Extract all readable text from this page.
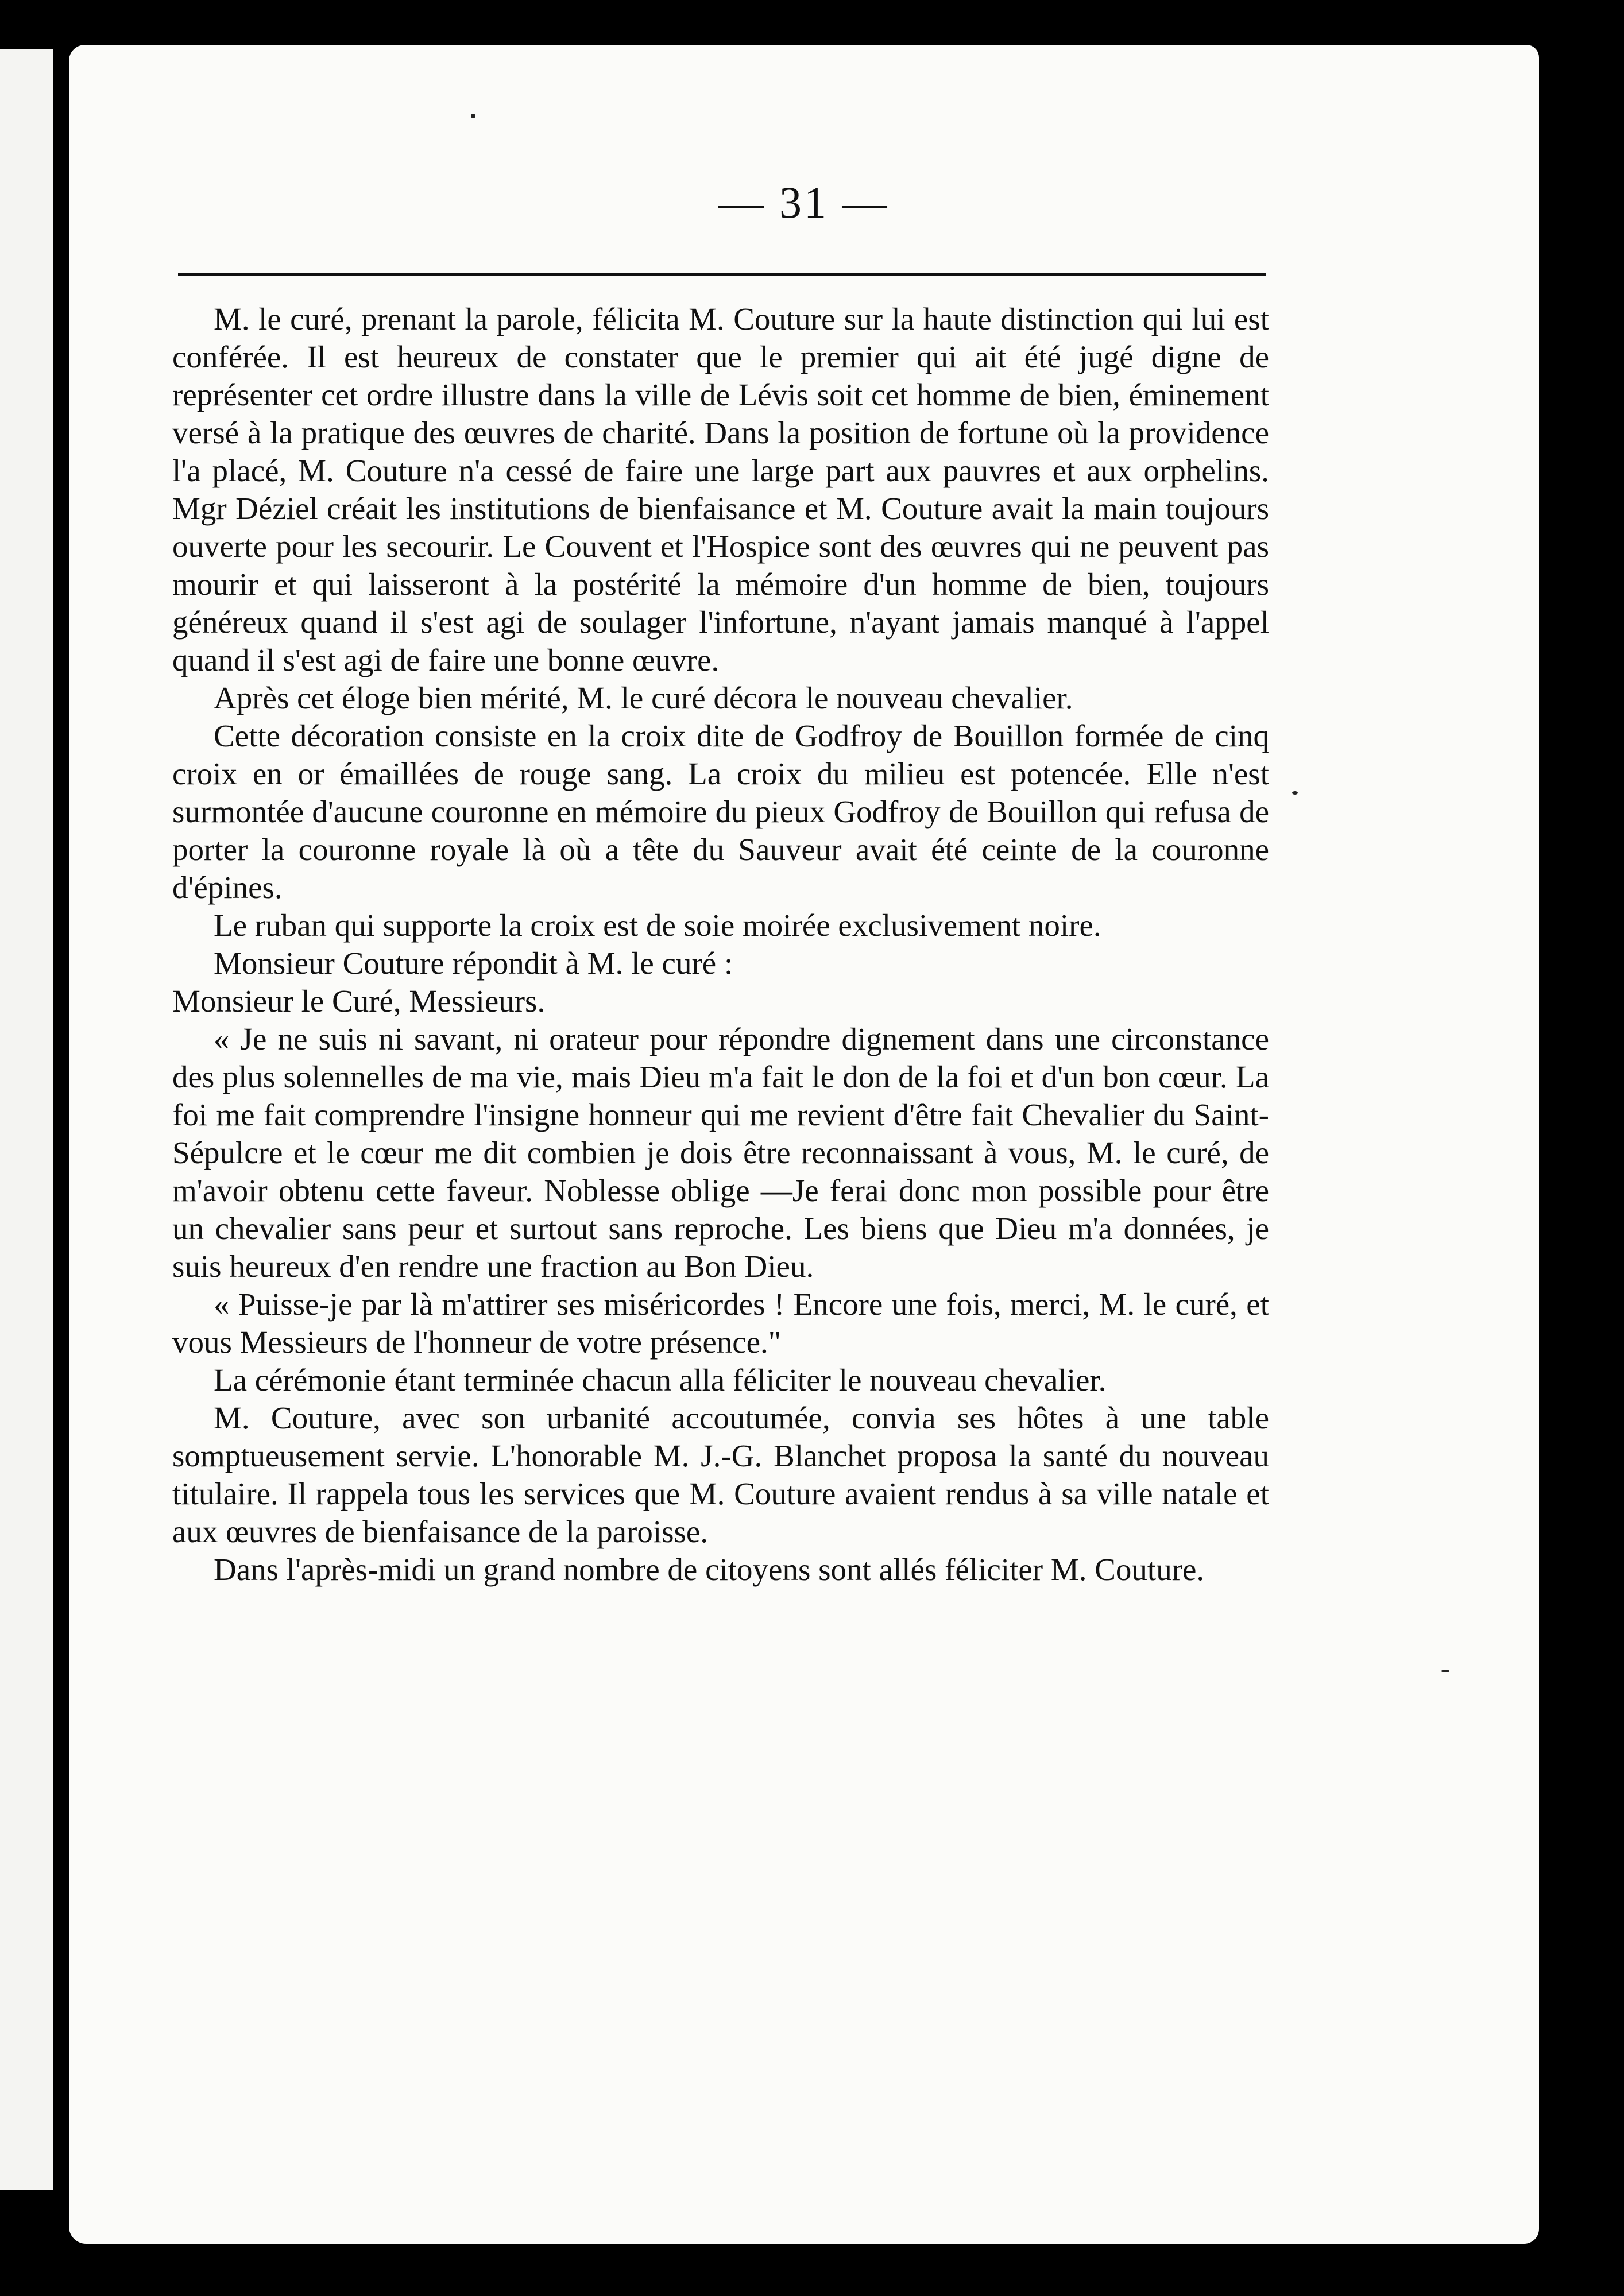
— 31 —

M. le curé, prenant la parole, félicita M. Couture sur la haute distinction qui lui est conférée. Il est heureux de constater que le premier qui ait été jugé digne de représenter cet ordre illustre dans la ville de Lévis soit cet homme de bien, éminement versé à la pratique des œuvres de charité. Dans la position de fortune où la providence l'a placé, M. Couture n'a cessé de faire une large part aux pauvres et aux orphelins. Mgr Déziel créait les institutions de bienfaisance et M. Couture avait la main toujours ouverte pour les secourir. Le Couvent et l'Hospice sont des œuvres qui ne peuvent pas mourir et qui laisseront à la postérité la mémoire d'un homme de bien, toujours généreux quand il s'est agi de soulager l'infortune, n'ayant jamais manqué à l'appel quand il s'est agi de faire une bonne œuvre.

Après cet éloge bien mérité, M. le curé décora le nouveau chevalier.

Cette décoration consiste en la croix dite de Godfroy de Bouillon formée de cinq croix en or émaillées de rouge sang. La croix du milieu est potencée. Elle n'est surmontée d'aucune couronne en mémoire du pieux Godfroy de Bouillon qui refusa de porter la couronne royale là où a tête du Sauveur avait été ceinte de la couronne d'épines.

Le ruban qui supporte la croix est de soie moirée exclusivement noire.

Monsieur Couture répondit à M. le curé :

Monsieur le Curé, Messieurs.

« Je ne suis ni savant, ni orateur pour répondre dignement dans une circonstance des plus solennelles de ma vie, mais Dieu m'a fait le don de la foi et d'un bon cœur. La foi me fait comprendre l'insigne honneur qui me revient d'être fait Chevalier du Saint-Sépulcre et le cœur me dit combien je dois être reconnaissant à vous, M. le curé, de m'avoir obtenu cette faveur. Noblesse oblige —Je ferai donc mon possible pour être un chevalier sans peur et surtout sans reproche. Les biens que Dieu m'a données, je suis heureux d'en rendre une fraction au Bon Dieu.

« Puisse-je par là m'attirer ses miséricordes ! Encore une fois, merci, M. le curé, et vous Messieurs de l'honneur de votre présence."

La cérémonie étant terminée chacun alla féliciter le nouveau chevalier.

M. Couture, avec son urbanité accoutumée, convia ses hôtes à une table somptueusement servie. L'honorable M. J.-G. Blanchet proposa la santé du nouveau titulaire. Il rappela tous les services que M. Couture avaient rendus à sa ville natale et aux œuvres de bienfaisance de la paroisse.

Dans l'après-midi un grand nombre de citoyens sont allés féliciter M. Couture.
